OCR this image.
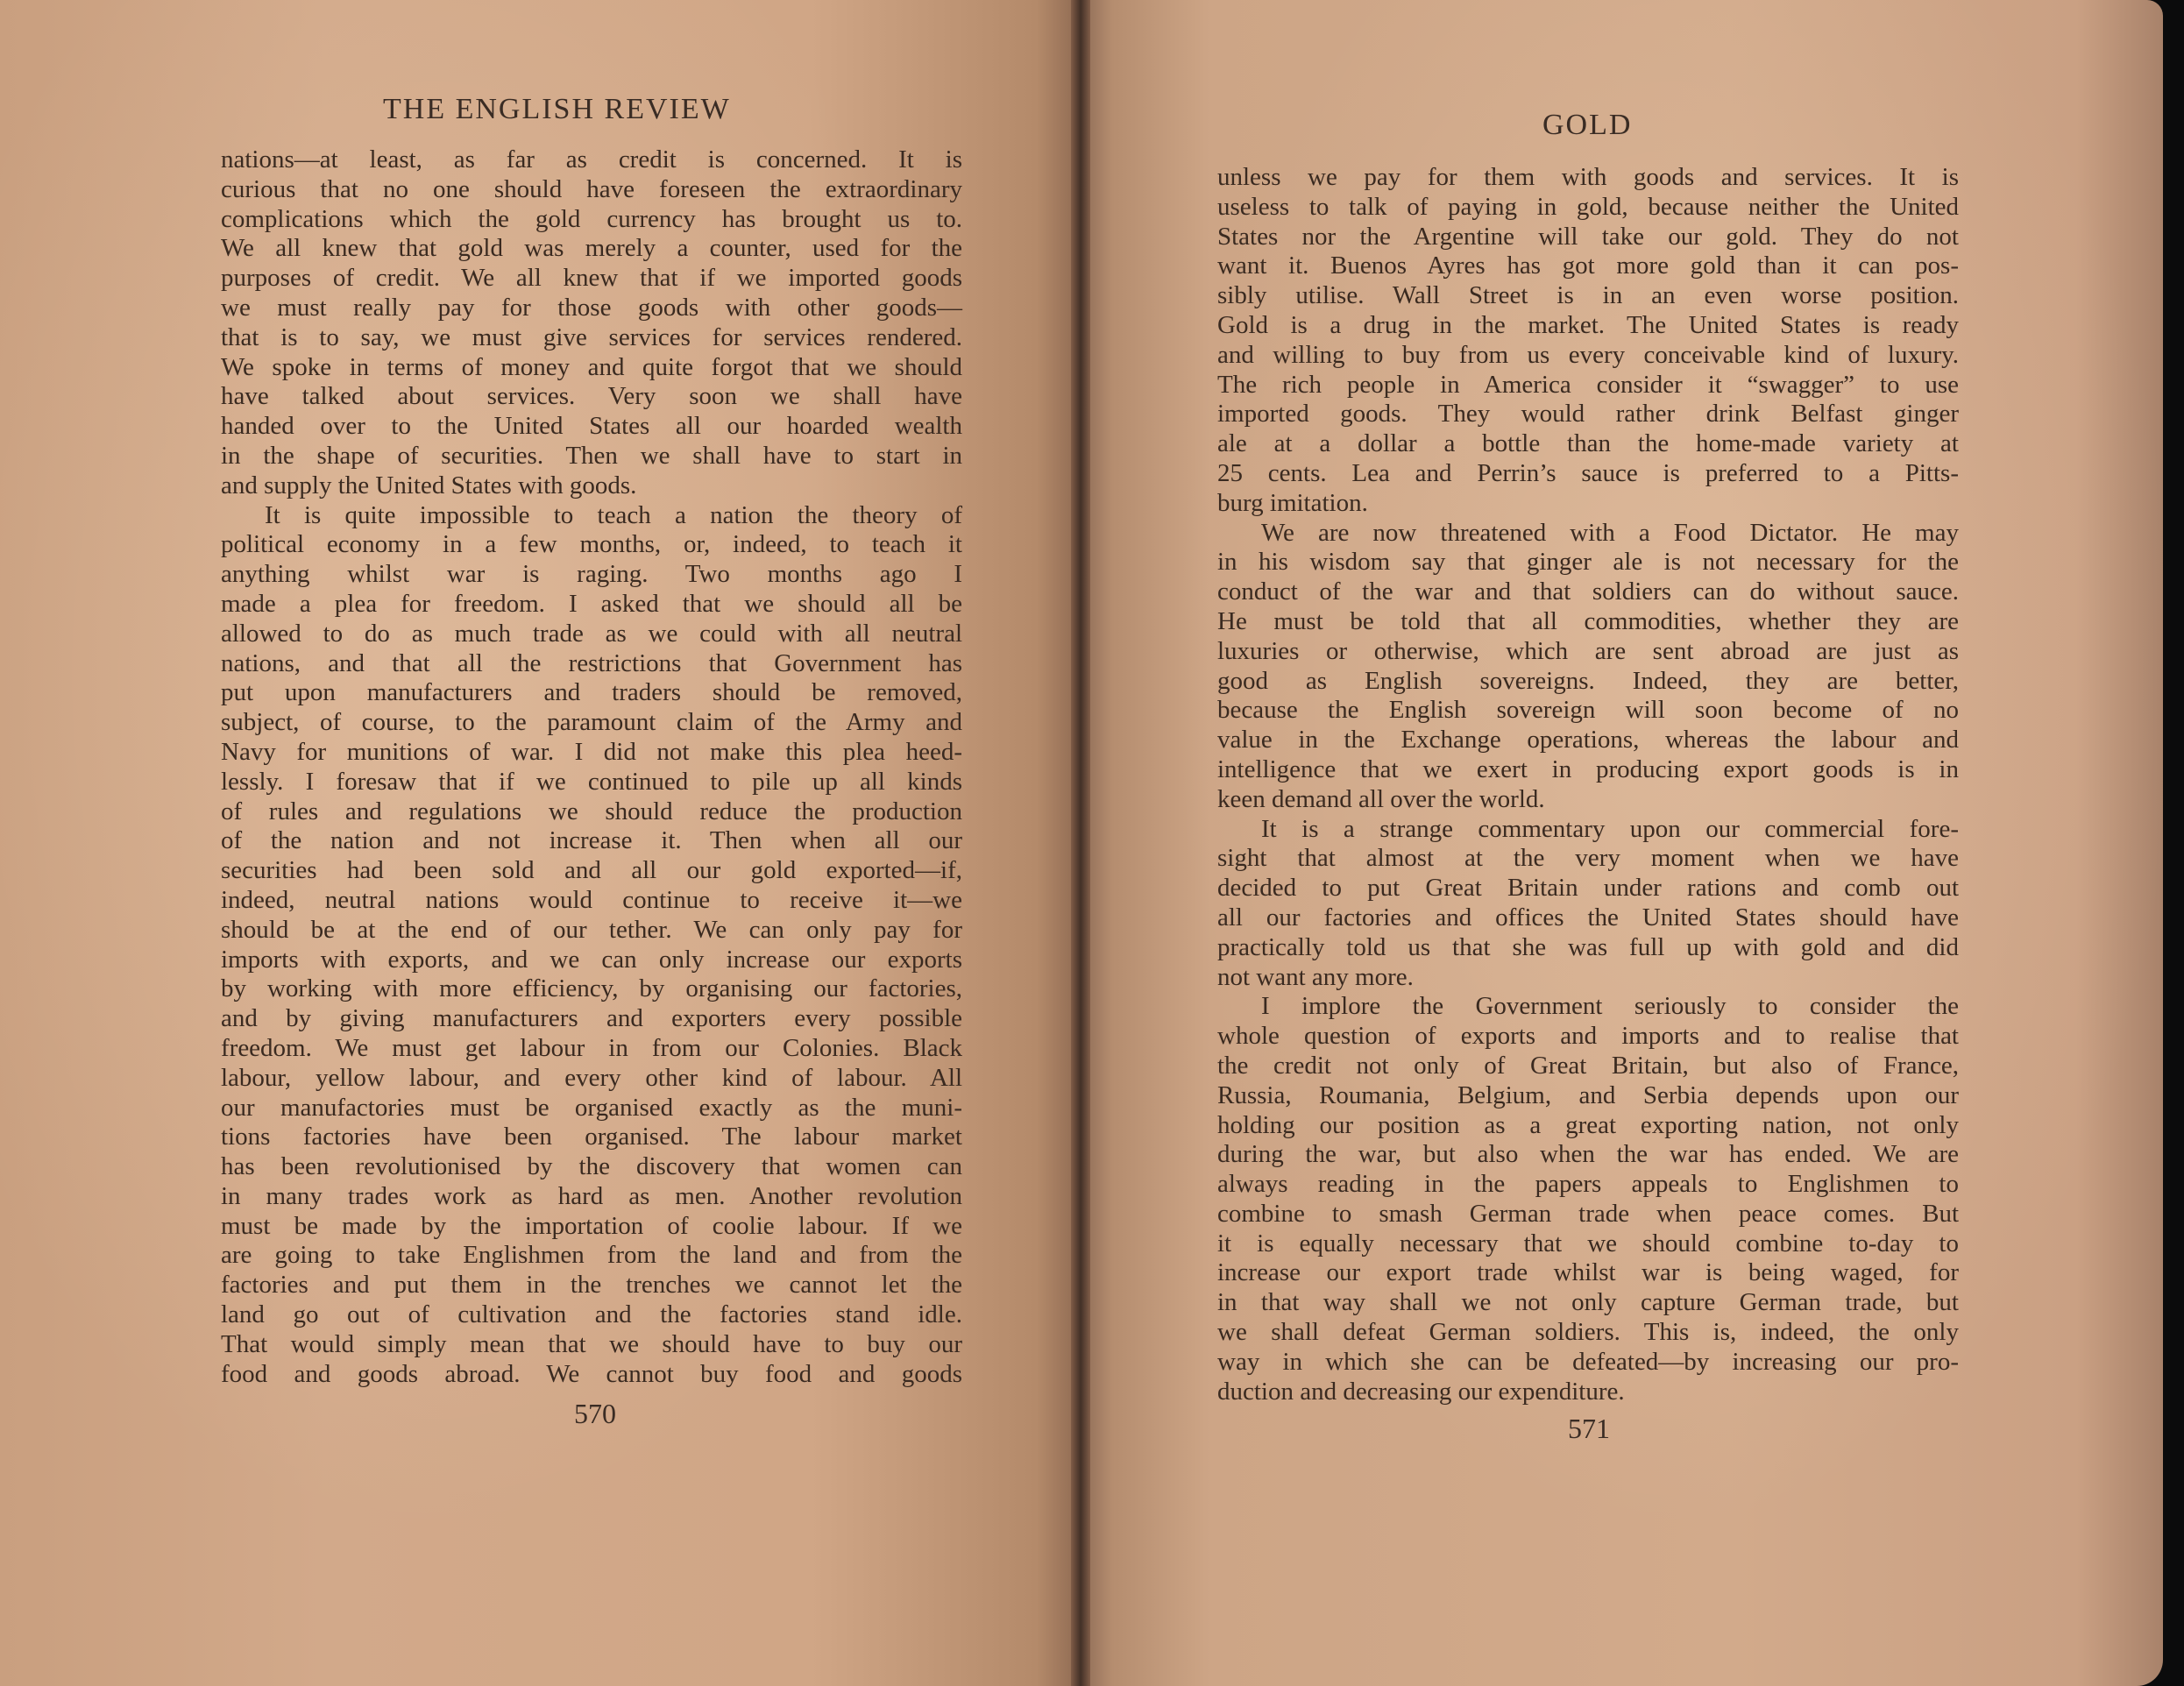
THE ENGLISH REVIEW
nations—at least, as far as credit is concerned. It is
curious that no one should have foreseen the extraordinary
complications which the gold currency has brought us to.
We all knew that gold was merely a counter, used for the
purposes of credit. We all knew that if we imported goods
we must really pay for those goods with other goods—
that is to say, we must give services for services rendered.
We spoke in terms of money and quite forgot that we should
have talked about services. Very soon we shall have
handed over to the United States all our hoarded wealth
in the shape of securities. Then we shall have to start in
and supply the United States with goods.
It is quite impossible to teach a nation the theory of
political economy in a few months, or, indeed, to teach it
anything whilst war is raging. Two months ago I
made a plea for freedom. I asked that we should all be
allowed to do as much trade as we could with all neutral
nations, and that all the restrictions that Government has
put upon manufacturers and traders should be removed,
subject, of course, to the paramount claim of the Army and
Navy for munitions of war. I did not make this plea heed-
lessly. I foresaw that if we continued to pile up all kinds
of rules and regulations we should reduce the production
of the nation and not increase it. Then when all our
securities had been sold and all our gold exported—if,
indeed, neutral nations would continue to receive it—we
should be at the end of our tether. We can only pay for
imports with exports, and we can only increase our exports
by working with more efficiency, by organising our factories,
and by giving manufacturers and exporters every possible
freedom. We must get labour in from our Colonies. Black
labour, yellow labour, and every other kind of labour. All
our manufactories must be organised exactly as the muni-
tions factories have been organised. The labour market
has been revolutionised by the discovery that women can
in many trades work as hard as men. Another revolution
must be made by the importation of coolie labour. If we
are going to take Englishmen from the land and from the
factories and put them in the trenches we cannot let the
land go out of cultivation and the factories stand idle.
That would simply mean that we should have to buy our
food and goods abroad. We cannot buy food and goods
570
GOLD
unless we pay for them with goods and services. It is
useless to talk of paying in gold, because neither the United
States nor the Argentine will take our gold. They do not
want it. Buenos Ayres has got more gold than it can pos-
sibly utilise. Wall Street is in an even worse position.
Gold is a drug in the market. The United States is ready
and willing to buy from us every conceivable kind of luxury.
The rich people in America consider it “swagger” to use
imported goods. They would rather drink Belfast ginger
ale at a dollar a bottle than the home-made variety at
25 cents. Lea and Perrin’s sauce is preferred to a Pitts-
burg imitation.
We are now threatened with a Food Dictator. He may
in his wisdom say that ginger ale is not necessary for the
conduct of the war and that soldiers can do without sauce.
He must be told that all commodities, whether they are
luxuries or otherwise, which are sent abroad are just as
good as English sovereigns. Indeed, they are better,
because the English sovereign will soon become of no
value in the Exchange operations, whereas the labour and
intelligence that we exert in producing export goods is in
keen demand all over the world.
It is a strange commentary upon our commercial fore-
sight that almost at the very moment when we have
decided to put Great Britain under rations and comb out
all our factories and offices the United States should have
practically told us that she was full up with gold and did
not want any more.
I implore the Government seriously to consider the
whole question of exports and imports and to realise that
the credit not only of Great Britain, but also of France,
Russia, Roumania, Belgium, and Serbia depends upon our
holding our position as a great exporting nation, not only
during the war, but also when the war has ended. We are
always reading in the papers appeals to Englishmen to
combine to smash German trade when peace comes. But
it is equally necessary that we should combine to-day to
increase our export trade whilst war is being waged, for
in that way shall we not only capture German trade, but
we shall defeat German soldiers. This is, indeed, the only
way in which she can be defeated—by increasing our pro-
duction and decreasing our expenditure.
571
